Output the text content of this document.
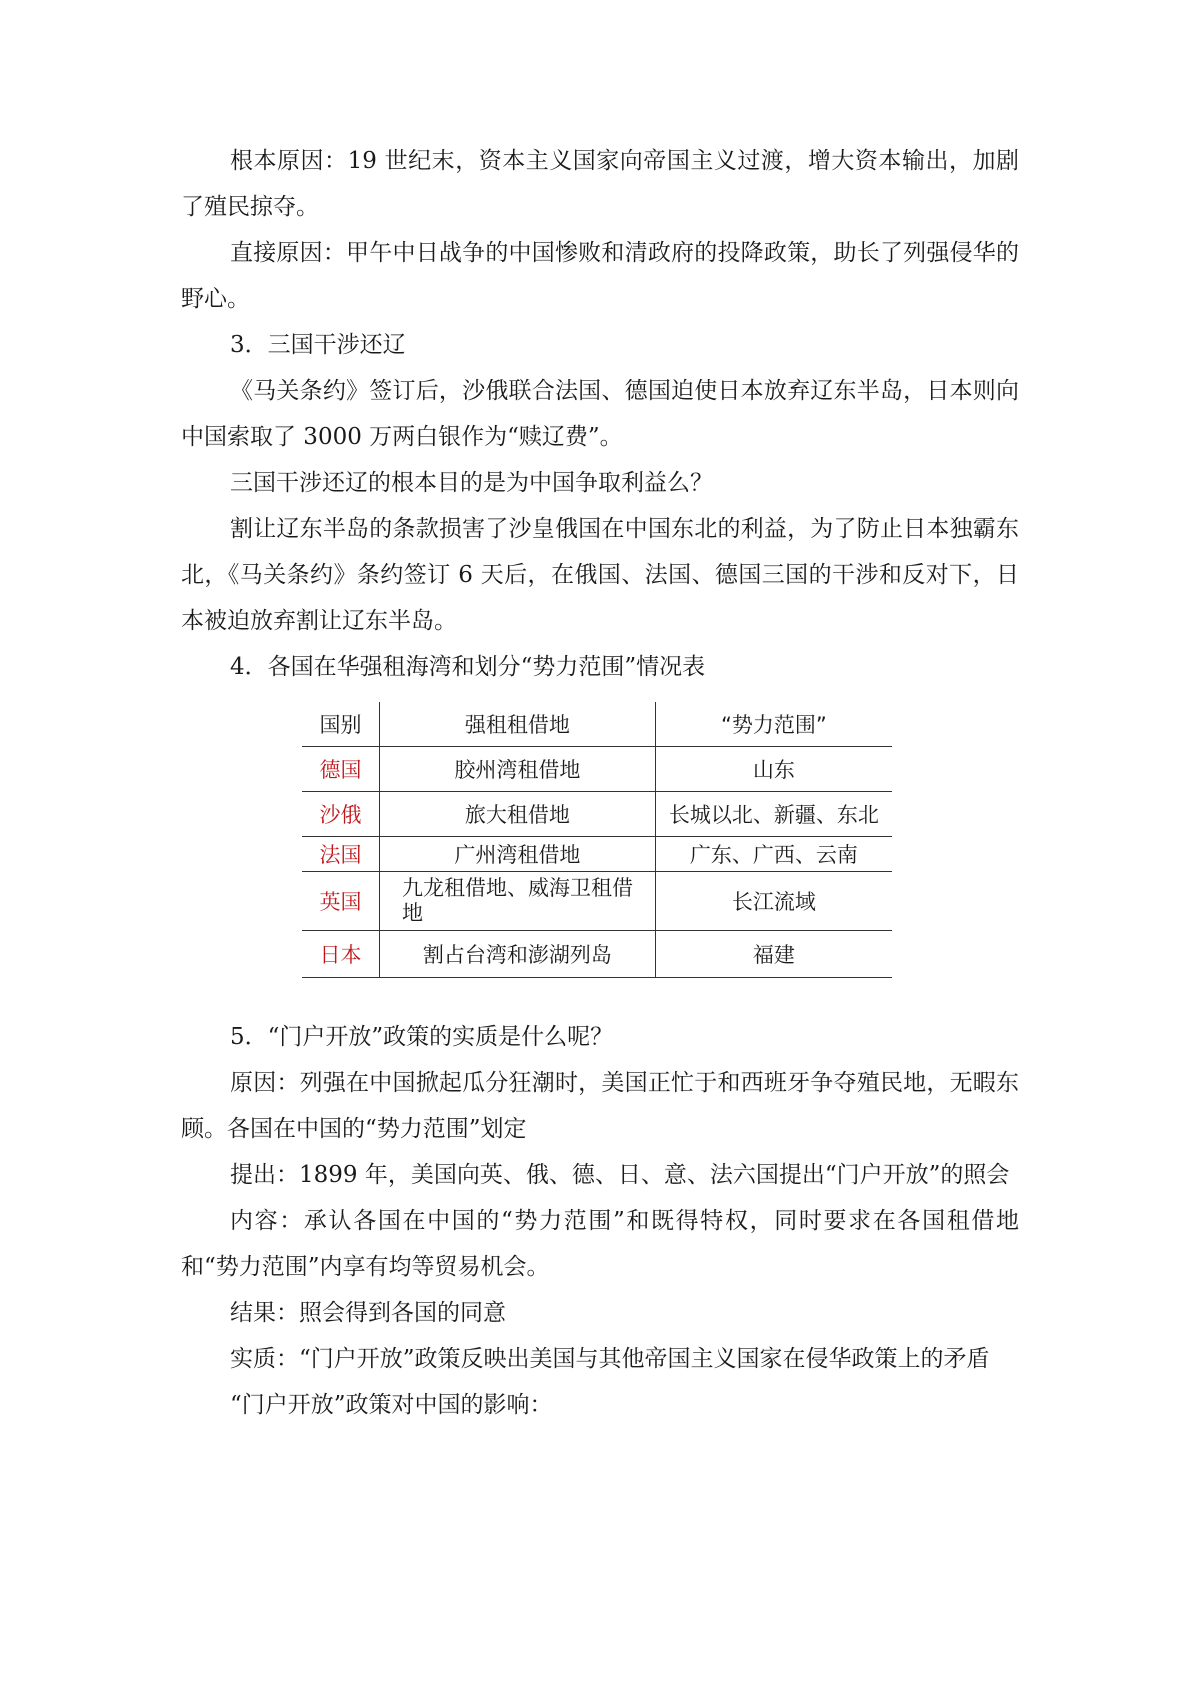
根本原因：19 世纪末，资本主义国家向帝国主义过渡，增大资本输出，加剧了殖民掠夺。

直接原因：甲午中日战争的中国惨败和清政府的投降政策，助长了列强侵华的野心。

3．三国干涉还辽

《马关条约》签订后，沙俄联合法国、德国迫使日本放弃辽东半岛，日本则向中国索取了 3000 万两白银作为“赎辽费”。

三国干涉还辽的根本目的是为中国争取利益么？

割让辽东半岛的条款损害了沙皇俄国在中国东北的利益，为了防止日本独霸东北，《马关条约》条约签订 6 天后，在俄国、法国、德国三国的干涉和反对下，日本被迫放弃割让辽东半岛。

4．各国在华强租海湾和划分“势力范围”情况表

国别	强租租借地	“势力范围”
德国	胶州湾租借地	山东
沙俄	旅大租借地	长城以北、新疆、东北
法国	广州湾租借地	广东、广西、云南
英国	九龙租借地、威海卫租借地	长江流域
日本	割占台湾和澎湖列岛	福建

5．“门户开放”政策的实质是什么呢？

原因：列强在中国掀起瓜分狂潮时，美国正忙于和西班牙争夺殖民地，无暇东顾。各国在中国的“势力范围”划定

提出：1899 年，美国向英、俄、德、日、意、法六国提出“门户开放”的照会

内容：承认各国在中国的“势力范围”和既得特权，同时要求在各国租借地和“势力范围”内享有均等贸易机会。

结果：照会得到各国的同意

实质：“门户开放”政策反映出美国与其他帝国主义国家在侵华政策上的矛盾

“门户开放”政策对中国的影响：
